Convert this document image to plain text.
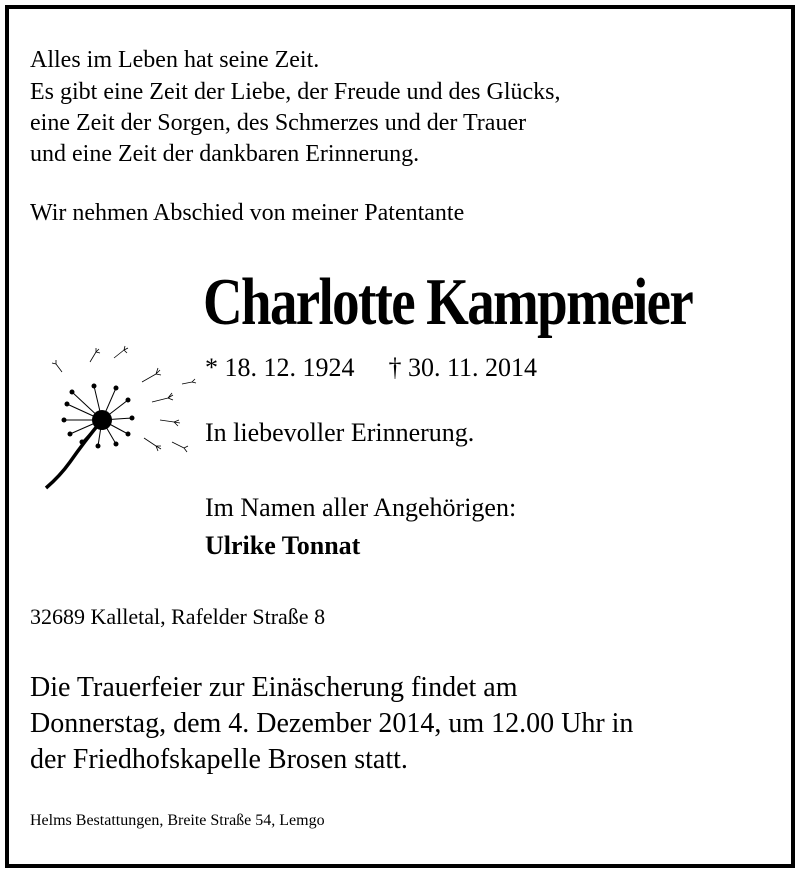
Alles im Leben hat seine Zeit.
Es gibt eine Zeit der Liebe, der Freude und des Glücks,
eine Zeit der Sorgen, des Schmerzes und der Trauer
und eine Zeit der dankbaren Erinnerung.
Wir nehmen Abschied von meiner Patentante
Charlotte Kampmeier
* 18. 12. 1924 † 30. 11. 2014
In liebevoller Erinnerung.
Im Namen aller Angehörigen:
Ulrike Tonnat
32689 Kalletal, Rafelder Straße 8
Die Trauerfeier zur Einäscherung findet am
Donnerstag, dem 4. Dezember 2014, um 12.00 Uhr in
der Friedhofskapelle Brosen statt.
Helms Bestattungen, Breite Straße 54, Lemgo
